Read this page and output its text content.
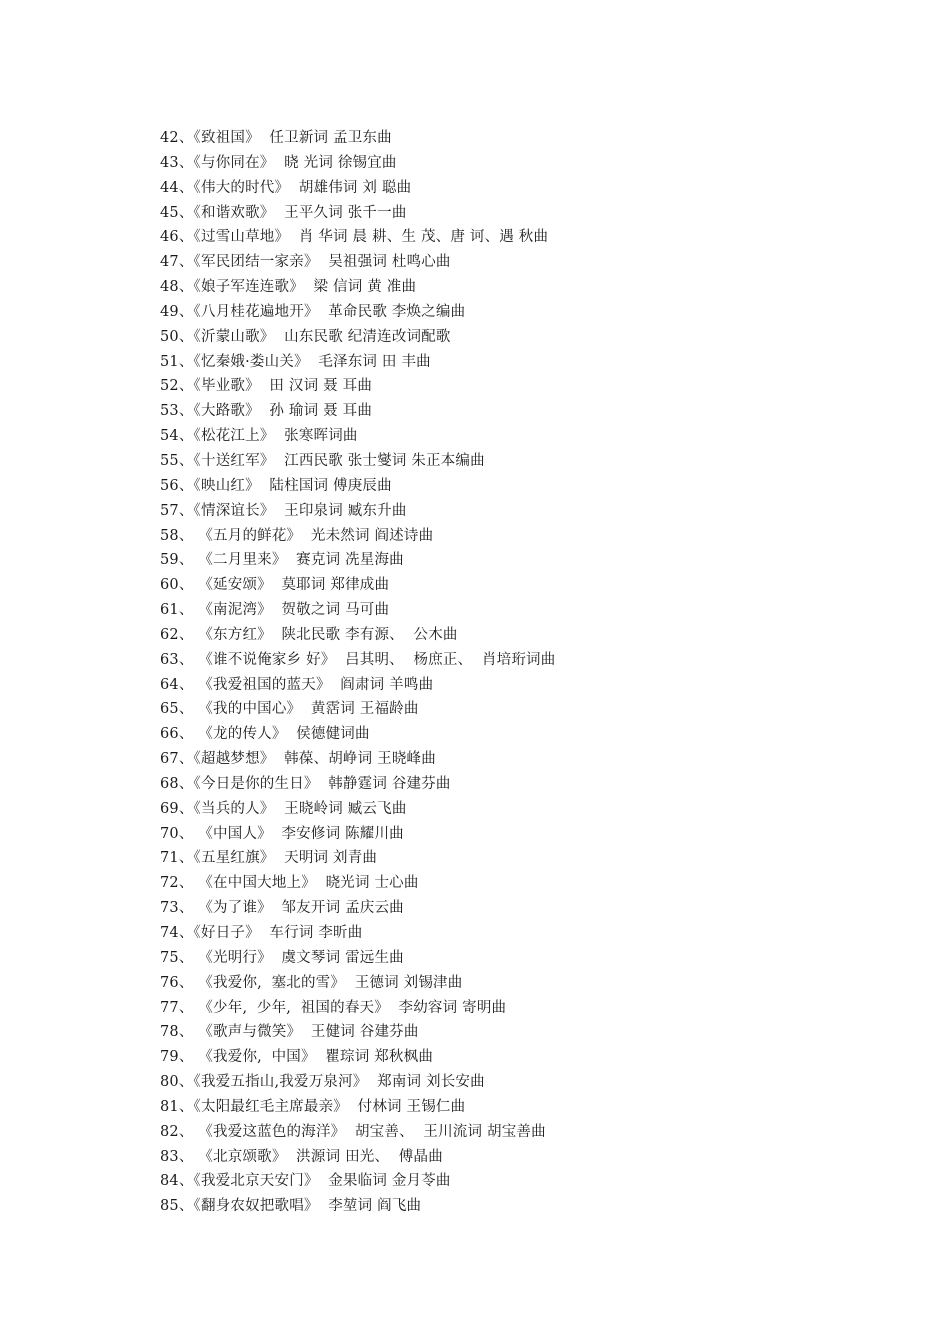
42、《致祖国》  任卫新词 孟卫东曲
43、《与你同在》  晓 光词 徐锡宜曲
44、《伟大的时代》  胡雄伟词 刘 聪曲
45、《和谐欢歌》  王平久词 张千一曲
46、《过雪山草地》  肖 华词 晨 耕、生 茂、唐 诃、遇 秋曲
47、《军民团结一家亲》  吴祖强词 杜鸣心曲
48、《娘子军连连歌》  梁 信词 黄 准曲
49、《八月桂花遍地开》  革命民歌 李焕之编曲
50、《沂蒙山歌》  山东民歌 纪清连改词配歌
51、《忆秦娥·娄山关》  毛泽东词 田 丰曲
52、《毕业歌》  田 汉词 聂 耳曲
53、《大路歌》  孙 瑜词 聂 耳曲
54、《松花江上》  张寒晖词曲
55、《十送红军》  江西民歌 张士燮词 朱正本编曲
56、《映山红》  陆柱国词 傅庚辰曲
57、《情深谊长》  王印泉词 臧东升曲
58、 《五月的鲜花》  光未然词 阎述诗曲
59、 《二月里来》  赛克词 冼星海曲
60、 《延安颂》  莫耶词 郑律成曲
61、 《南泥湾》  贺敬之词 马可曲
62、 《东方红》  陕北民歌 李有源、  公木曲
63、 《谁不说俺家乡 好》  吕其明、  杨庶正、  肖培珩词曲
64、 《我爱祖国的蓝天》  阎肃词 羊鸣曲
65、 《我的中国心》  黄霑词 王福龄曲
66、 《龙的传人》  侯德健词曲
67、《超越梦想》  韩葆、胡峥词 王晓峰曲
68、《今日是你的生日》  韩静霆词 谷建芬曲
69、《当兵的人》  王晓岭词 臧云飞曲
70、 《中国人》  李安修词 陈耀川曲
71、《五星红旗》  天明词 刘青曲
72、 《在中国大地上》  晓光词 士心曲
73、 《为了谁》  邹友开词 孟庆云曲
74、《好日子》  车行词 李昕曲
75、 《光明行》  虞文琴词 雷远生曲
76、 《我爱你,  塞北的雪》  王德词 刘锡津曲
77、 《少年,  少年,  祖国的春天》  李幼容词 寄明曲
78、 《歌声与微笑》  王健词 谷建芬曲
79、 《我爱你,  中国》  瞿琮词 郑秋枫曲
80、《我爱五指山,我爱万泉河》  郑南词 刘长安曲
81、《太阳最红毛主席最亲》  付林词 王锡仁曲
82、 《我爱这蓝色的海洋》  胡宝善、  王川流词 胡宝善曲
83、 《北京颂歌》  洪源词 田光、  傅晶曲
84、《我爱北京天安门》  金果临词 金月苓曲
85、《翻身农奴把歌唱》  李堃词 阎飞曲
